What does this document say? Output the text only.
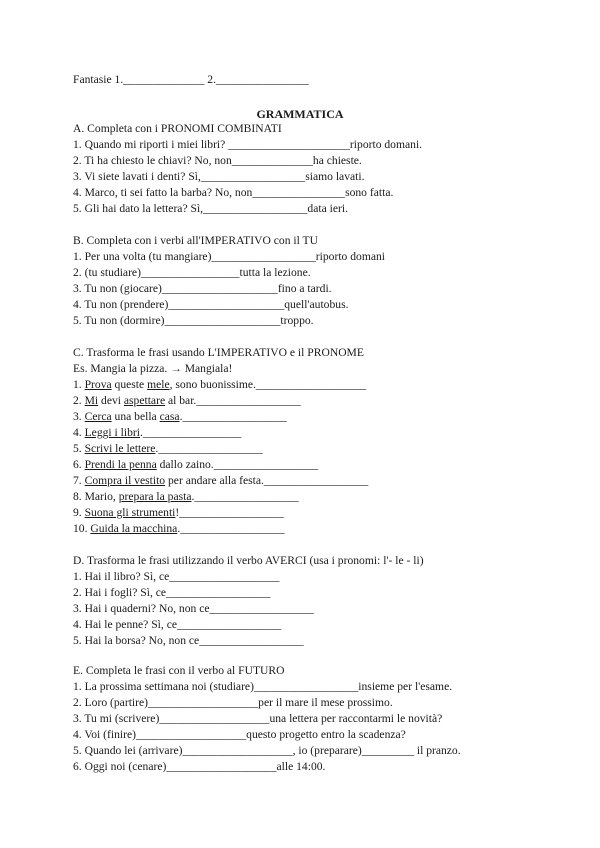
Fantasie 1.______________ 2.________________
GRAMMATICA
A. Completa con i PRONOMI COMBINATI
1. Quando mi riporti i miei libri? _____________________riporto domani.
2. Ti ha chiesto le chiavi? No, non______________ha chieste.
3. Vi siete lavati i denti? Sì,__________________siamo lavati.
4. Marco, ti sei fatto la barba? No, non________________sono fatta.
5. Gli hai dato la lettera? Sì,__________________data ieri.
B. Completa con i verbi all'IMPERATIVO con il TU
1. Per una volta (tu mangiare)__________________riporto domani
2. (tu studiare)_________________tutta la lezione.
3. Tu non (giocare)____________________fino a tardi.
4. Tu non (prendere)____________________quell'autobus.
5. Tu non (dormire)____________________troppo.
C. Trasforma le frasi usando L'IMPERATIVO e il PRONOME
Es. Mangia la pizza. → Mangiala!
1. Prova queste mele, sono buonissime.___________________
2. Mi devi aspettare al bar.__________________
3. Cerca una bella casa.__________________
4. Leggi i libri._________________
5. Scrivi le lettere.__________________
6. Prendi la penna dallo zaino.__________________
7. Compra il vestito per andare alla festa.__________________
8. Mario, prepara la pasta.__________________
9. Suona gli strumenti!__________________
10. Guida la macchina.__________________
D. Trasforma le frasi utilizzando il verbo AVERCI (usa i pronomi: l'- le - li)
1. Hai il libro? Sì, ce___________________
2. Hai i fogli? Sì, ce__________________
3. Hai i quaderni? No, non ce__________________
4. Hai le penne? Sì, ce__________________
5. Hai la borsa? No, non ce__________________
E. Completa le frasi con il verbo al FUTURO
1. La prossima settimana noi (studiare)__________________insieme per l'esame.
2. Loro (partire)___________________per il mare il mese prossimo.
3. Tu mi (scrivere)___________________una lettera per raccontarmi le novità?
4. Voi (finire)___________________questo progetto entro la scadenza?
5. Quando lei (arrivare)___________________, io (preparare)_________ il pranzo.
6. Oggi noi (cenare)___________________alle 14:00.
